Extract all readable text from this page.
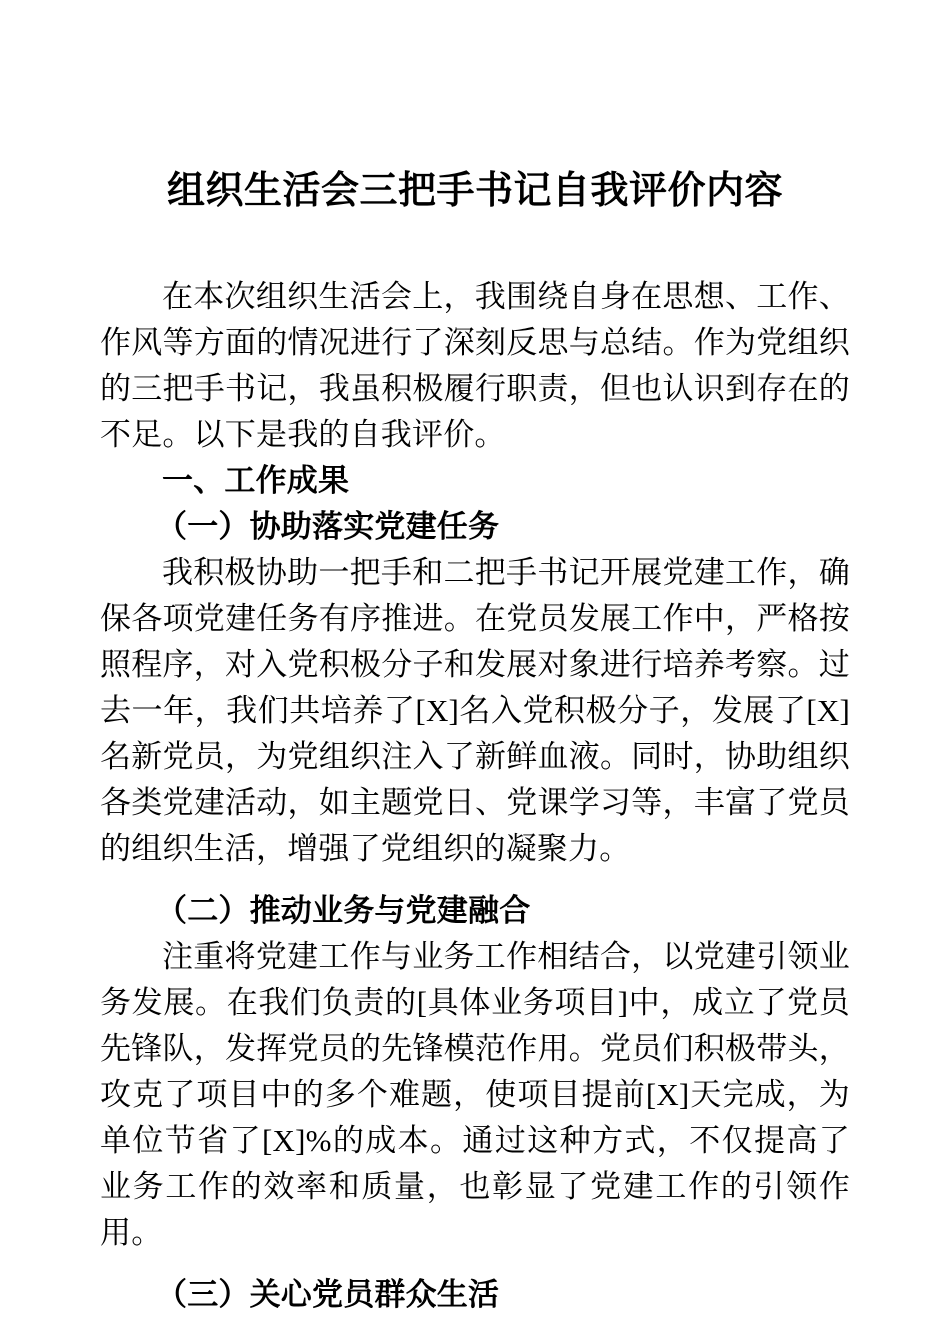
组织生活会三把手书记自我评价内容

在本次组织生活会上，我围绕自身在思想、工作、作风等方面的情况进行了深刻反思与总结。作为党组织的三把手书记，我虽积极履行职责，但也认识到存在的不足。以下是我的自我评价。

一、工作成果
（一）协助落实党建任务

我积极协助一把手和二把手书记开展党建工作，确保各项党建任务有序推进。在党员发展工作中，严格按照程序，对入党积极分子和发展对象进行培养考察。过去一年，我们共培养了[X]名入党积极分子，发展了[X]名新党员，为党组织注入了新鲜血液。同时，协助组织各类党建活动，如主题党日、党课学习等，丰富了党员的组织生活，增强了党组织的凝聚力。

（二）推动业务与党建融合

注重将党建工作与业务工作相结合，以党建引领业务发展。在我们负责的[具体业务项目]中，成立了党员先锋队，发挥党员的先锋模范作用。党员们积极带头，攻克了项目中的多个难题，使项目提前[X]天完成，为单位节省了[X]%的成本。通过这种方式，不仅提高了业务工作的效率和质量，也彰显了党建工作的引领作用。

（三）关心党员群众生活
